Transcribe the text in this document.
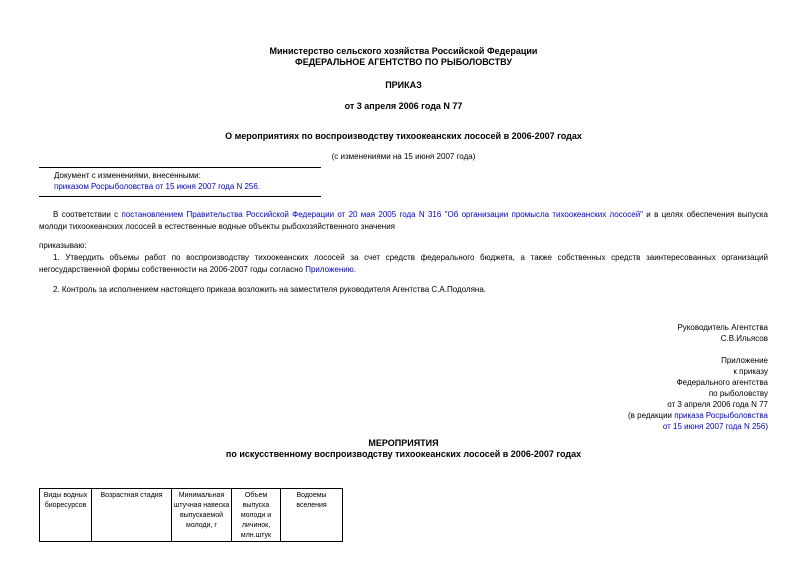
Министерство сельского хозяйства Российской Федерации
ФЕДЕРАЛЬНОЕ АГЕНТСТВО ПО РЫБОЛОВСТВУ
ПРИКАЗ
от 3 апреля 2006 года N 77
О мероприятиях по воспроизводству тихоокеанских лососей в 2006-2007 годах
(с изменениями на 15 июня 2007 года)
Документ с изменениями, внесенными:
приказом Росрыболовства от 15 июня 2007 года N 256.
В соответствии с постановлением Правительства Российской Федерации от 20 мая 2005 года N 316 "Об организации промысла тихоокеанских лососей" и в целях обеспечения выпуска молоди тихоокеанских лососей в естественные водные объекты рыбохозяйственного значения
приказываю:
1. Утвердить объемы работ по воспроизводству тихоокеанских лососей за счет средств федерального бюджета, а также собственных средств заинтересованных организаций негосударственной формы собственности на 2006-2007 годы согласно Приложению.
2. Контроль за исполнением настоящего приказа возложить на заместителя руководителя Агентства С.А.Подоляна.
Руководитель Агентства
С.В.Ильясов
Приложение
к приказу
Федерального агентства
по рыболовству
от 3 апреля 2006 года N 77
(в редакции приказа Росрыболовства
от 15 июня 2007 года N 256)
МЕРОПРИЯТИЯ
по искусственному воспроизводству тихоокеанских лососей в 2006-2007 годах
Виды водных биоресурсов	Возрастная стадия	Минимальная штучная навеска выпускаемой молоди, г	Объем выпуска молоди и личинок, млн.штук	Водоемы вселения
